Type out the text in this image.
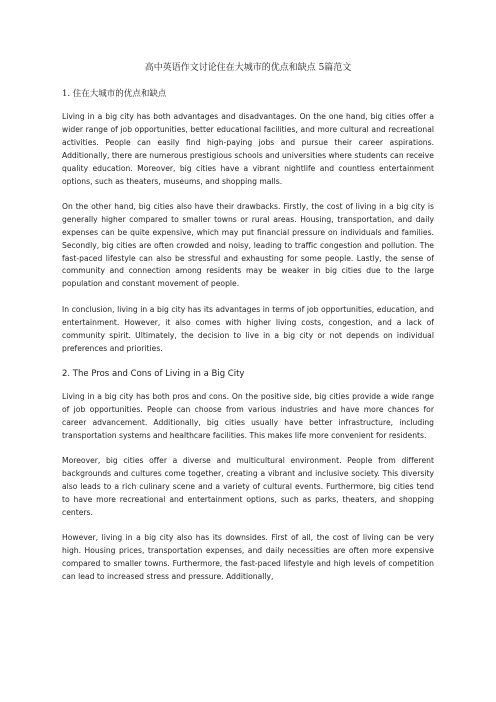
高中英语作文讨论住在大城市的优点和缺点 5篇范文
1. 住在大城市的优点和缺点

Living in a big city has both advantages and disadvantages. On the one hand, big cities offer a wider range of job opportunities, better educational facilities, and more cultural and recreational activities. People can easily find high-paying jobs and pursue their career aspirations. Additionally, there are numerous prestigious schools and universities where students can receive quality education. Moreover, big cities have a vibrant nightlife and countless entertainment options, such as theaters, museums, and shopping malls.

On the other hand, big cities also have their drawbacks. Firstly, the cost of living in a big city is generally higher compared to smaller towns or rural areas. Housing, transportation, and daily expenses can be quite expensive, which may put financial pressure on individuals and families. Secondly, big cities are often crowded and noisy, leading to traffic congestion and pollution. The fast-paced lifestyle can also be stressful and exhausting for some people. Lastly, the sense of community and connection among residents may be weaker in big cities due to the large population and constant movement of people.

In conclusion, living in a big city has its advantages in terms of job opportunities, education, and entertainment. However, it also comes with higher living costs, congestion, and a lack of community spirit. Ultimately, the decision to live in a big city or not depends on individual preferences and priorities.

2. The Pros and Cons of Living in a Big City

Living in a big city has both pros and cons. On the positive side, big cities provide a wide range of job opportunities. People can choose from various industries and have more chances for career advancement. Additionally, big cities usually have better infrastructure, including transportation systems and healthcare facilities. This makes life more convenient for residents.

Moreover, big cities offer a diverse and multicultural environment. People from different backgrounds and cultures come together, creating a vibrant and inclusive society. This diversity also leads to a rich culinary scene and a variety of cultural events. Furthermore, big cities tend to have more recreational and entertainment options, such as parks, theaters, and shopping centers.

However, living in a big city also has its downsides. First of all, the cost of living can be very high. Housing prices, transportation expenses, and daily necessities are often more expensive compared to smaller towns. Furthermore, the fast-paced lifestyle and high levels of competition can lead to increased stress and pressure. Additionally,
